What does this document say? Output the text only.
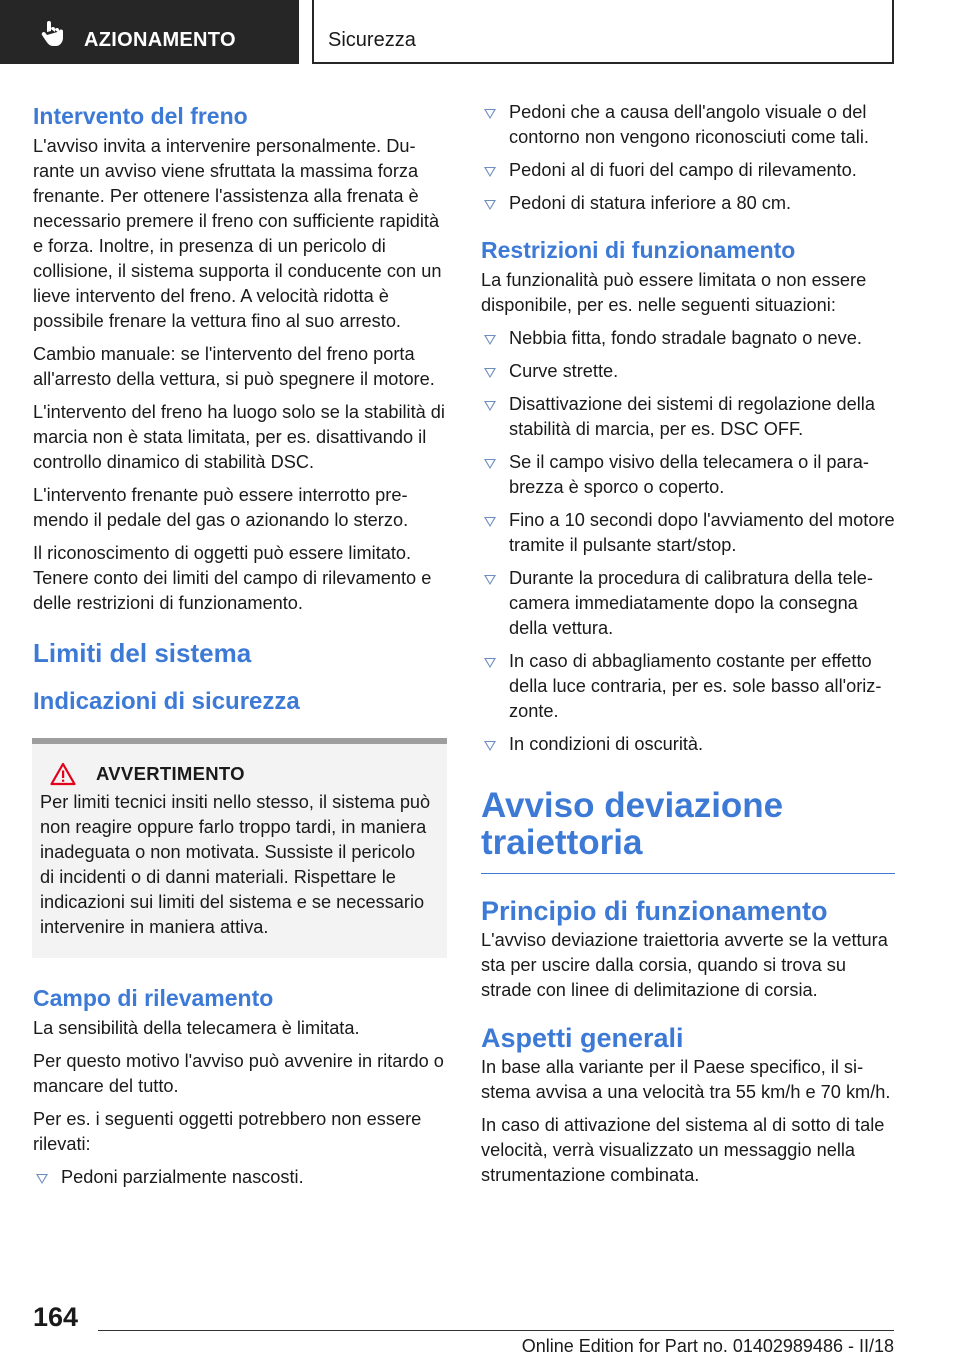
AZIONAMENTO	Sicurezza
Intervento del freno

L'avviso invita a intervenire personalmente. Durante un avviso viene sfruttata la massima forza frenante. Per ottenere l'assistenza alla frenata è necessario premere il freno con sufficiente rapidità e forza. Inoltre, in presenza di un pericolo di collisione, il sistema supporta il conducente con un lieve intervento del freno. A velocità ridotta è possibile frenare la vettura fino al suo arresto.

Cambio manuale: se l'intervento del freno porta all'arresto della vettura, si può spegnere il motore.

L'intervento del freno ha luogo solo se la stabilità di marcia non è stata limitata, per es. disattivando il controllo dinamico di stabilità DSC.

L'intervento frenante può essere interrotto premendo il pedale del gas o azionando lo sterzo.

Il riconoscimento di oggetti può essere limitato. Tenere conto dei limiti del campo di rilevamento e delle restrizioni di funzionamento.

Limiti del sistema
Indicazioni di sicurezza
AVVERTIMENTO

Per limiti tecnici insiti nello stesso, il sistema può non reagire oppure farlo troppo tardi, in maniera inadeguata o non motivata. Sussiste il pericolo di incidenti o di danni materiali. Rispettare le indicazioni sui limiti del sistema e se necessario intervenire in maniera attiva.

Campo di rilevamento

La sensibilità della telecamera è limitata.

Per questo motivo l'avviso può avvenire in ritardo o mancare del tutto.

Per es. i seguenti oggetti potrebbero non essere rilevati:

Pedoni parzialmente nascosti.
Pedoni che a causa dell'angolo visuale o del contorno non vengono riconosciuti come tali.
Pedoni al di fuori del campo di rilevamento.
Pedoni di statura inferiore a 80 cm.
Restrizioni di funzionamento

La funzionalità può essere limitata o non essere disponibile, per es. nelle seguenti situazioni:

Nebbia fitta, fondo stradale bagnato o neve.
Curve strette.
Disattivazione dei sistemi di regolazione della stabilità di marcia, per es. DSC OFF.
Se il campo visivo della telecamera o il parabrezza è sporco o coperto.
Fino a 10 secondi dopo l'avviamento del motore tramite il pulsante start/stop.
Durante la procedura di calibratura della telecamera immediatamente dopo la consegna della vettura.
In caso di abbagliamento costante per effetto della luce contraria, per es. sole basso all'orizzonte.
In condizioni di oscurità.
Avviso deviazione traiettoria
Principio di funzionamento

L'avviso deviazione traiettoria avverte se la vettura sta per uscire dalla corsia, quando si trova su strade con linee di delimitazione di corsia.

Aspetti generali

In base alla variante per il Paese specifico, il sistema avvisa a una velocità tra 55 km/h e 70 km/h.

In caso di attivazione del sistema al di sotto di tale velocità, verrà visualizzato un messaggio nella strumentazione combinata.

164
Online Edition for Part no. 01402989486 - II/18
